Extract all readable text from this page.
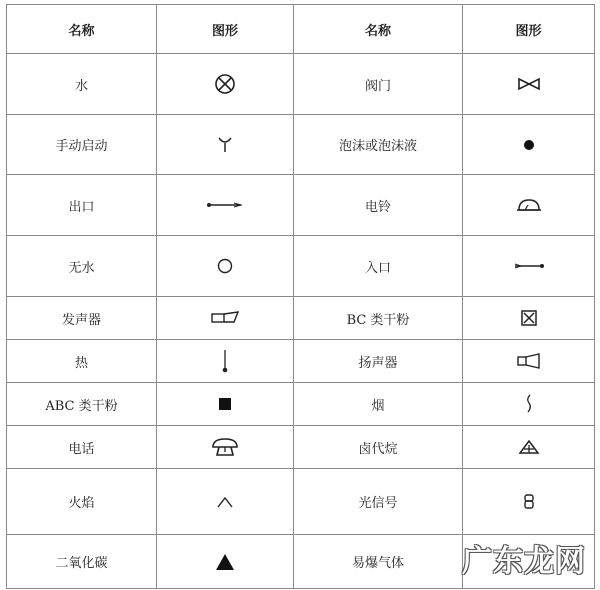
名称	图形	名称	图形
水		阀门	

手动启动		泡沫或泡沫液	

出口		电铃	

无水		入口	

发声器		BC 类干粉	

热		扬声器	

ABC 类干粉		烟	

电话		卤代烷	

火焰		光信号	

二氧化碳		易爆气体	广东龙网
